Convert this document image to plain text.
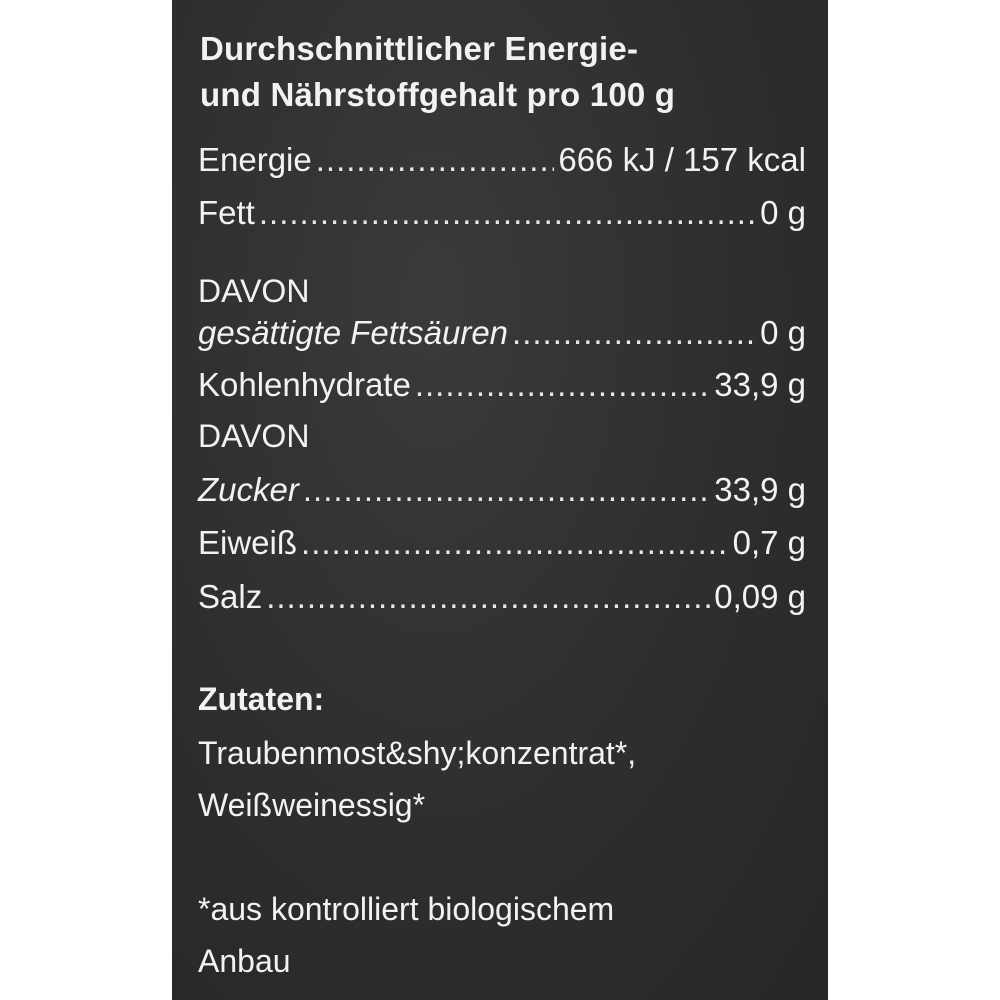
Durchschnittlicher Energie-
und Nährstoffgehalt pro 100 g
Energie .....	666 kJ / 157 kcal
Fett .....	0 g
DAVON
gesättigte Fettsäuren .....	0 g
Kohlenhydrate .....	33,9 g
DAVON
Zucker .....	33,9 g
Eiweiß .....	0,7 g
Salz .....	0,09 g
Zutaten:
Traubenmost&shy;konzentrat*,
Weißweinessig*
*aus kontrolliert biologischem
Anbau
